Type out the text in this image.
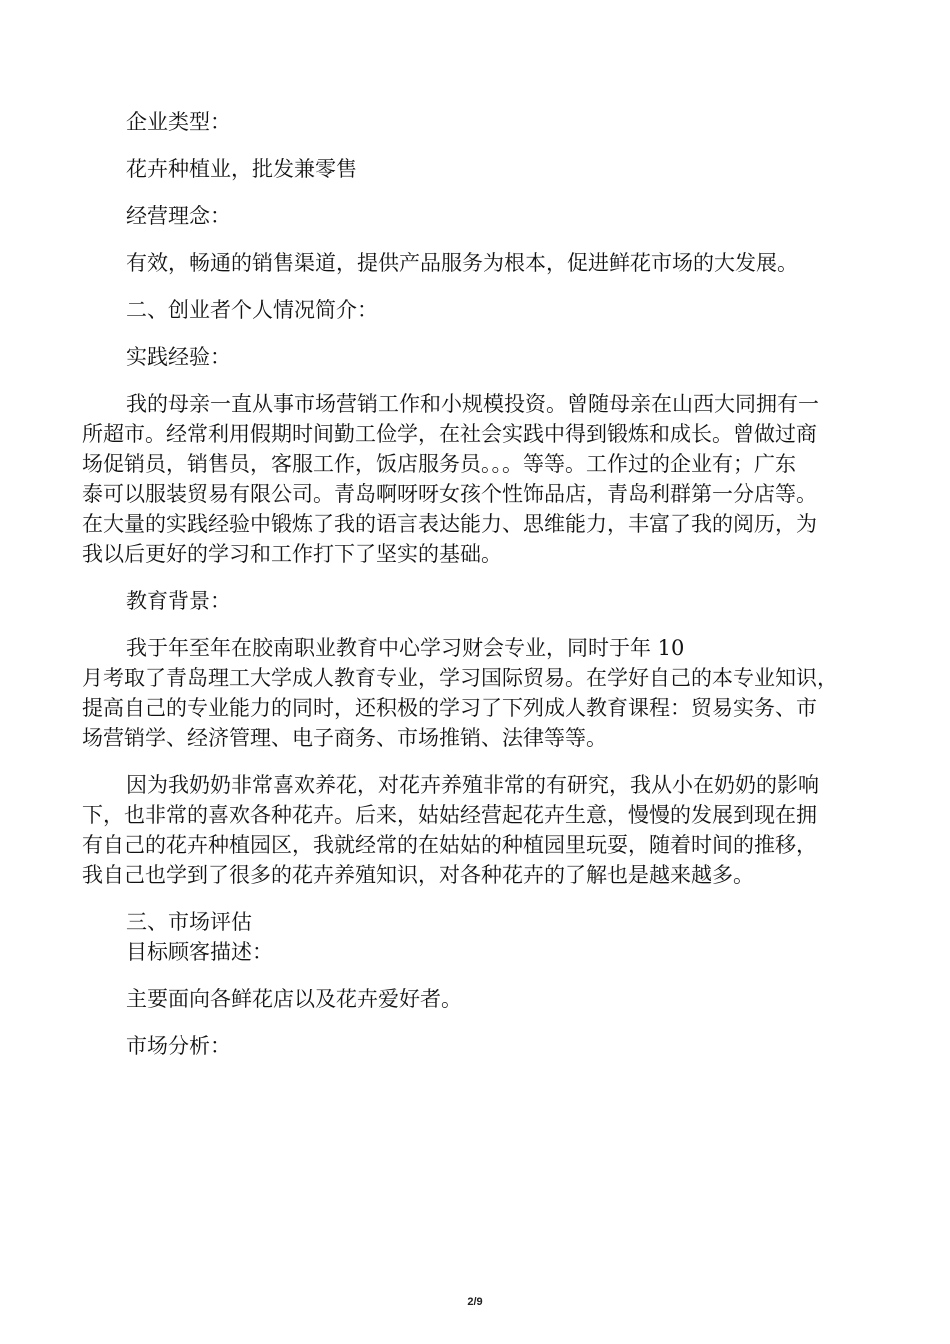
企业类型：

花卉种植业，批发兼零售

经营理念：

有效，畅通的销售渠道，提供产品服务为根本，促进鲜花市场的大发展。

二、创业者个人情况简介：

实践经验：

我的母亲一直从事市场营销工作和小规模投资。曾随母亲在山西大同拥有一

所超市。经常利用假期时间勤工俭学，在社会实践中得到锻炼和成长。曾做过商

场促销员，销售员，客服工作，饭店服务员。。。等等。工作过的企业有；广东

泰可以服装贸易有限公司。青岛啊呀呀女孩个性饰品店，青岛利群第一分店等。

在大量的实践经验中锻炼了我的语言表达能力、思维能力，丰富了我的阅历，为

我以后更好的学习和工作打下了坚实的基础。

教育背景：

我于年至年在胶南职业教育中心学习财会专业，同时于年 10

月考取了青岛理工大学成人教育专业，学习国际贸易。在学好自己的本专业知识，

提高自己的专业能力的同时，还积极的学习了下列成人教育课程：贸易实务、市

场营销学、经济管理、电子商务、市场推销、法律等等。

因为我奶奶非常喜欢养花，对花卉养殖非常的有研究，我从小在奶奶的影响

下，也非常的喜欢各种花卉。后来，姑姑经营起花卉生意，慢慢的发展到现在拥

有自己的花卉种植园区，我就经常的在姑姑的种植园里玩耍，随着时间的推移，

我自己也学到了很多的花卉养殖知识，对各种花卉的了解也是越来越多。

三、市场评估

目标顾客描述：

主要面向各鲜花店以及花卉爱好者。

市场分析：

2/9
